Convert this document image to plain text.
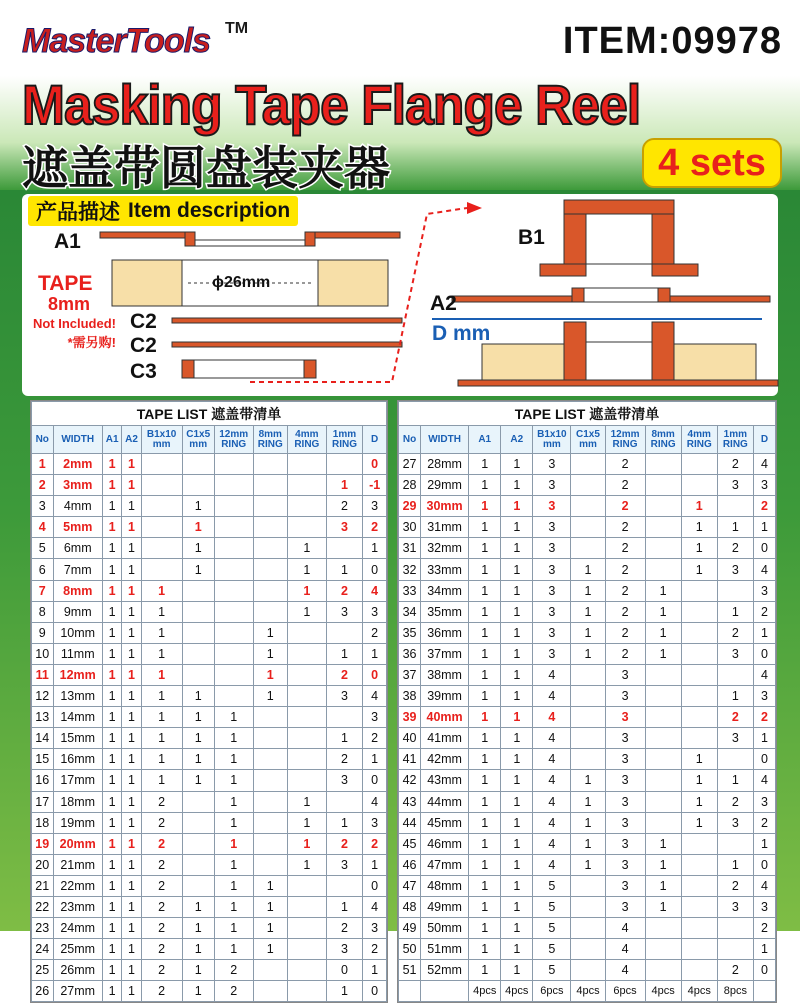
MasterTools TM	ITEM:09978
Masking Tape Flange Reel
遮盖带圆盘装夹器	4 sets
A1
TAPE
8mm
Not Included!
*需另购!
C2
C2
C3
ϕ26mm
B1
A2
D mm
产品描述 Item description
TAPE LIST 遮盖带清单										
No	WIDTH	A1	A2	B1x10 mm	C1x5 mm	12mm RING	8mm RING	4mm RING	1mm RING	D
1	2mm	1	1							0
2	3mm	1	1						1	-1
3	4mm	1	1		1				2	3
4	5mm	1	1		1				3	2
5	6mm	1	1		1			1		1
6	7mm	1	1		1			1	1	0
7	8mm	1	1	1				1	2	4
8	9mm	1	1	1				1	3	3
9	10mm	1	1	1			1			2
10	11mm	1	1	1			1		1	1
11	12mm	1	1	1			1		2	0
12	13mm	1	1	1	1		1		3	4
13	14mm	1	1	1	1	1				3
14	15mm	1	1	1	1	1			1	2
15	16mm	1	1	1	1	1			2	1
16	17mm	1	1	1	1	1			3	0
17	18mm	1	1	2		1		1		4
18	19mm	1	1	2		1		1	1	3
19	20mm	1	1	2		1		1	2	2
20	21mm	1	1	2		1		1	3	1
21	22mm	1	1	2		1	1			0
22	23mm	1	1	2	1	1	1		1	4
23	24mm	1	1	2	1	1	1		2	3
24	25mm	1	1	2	1	1	1		3	2
25	26mm	1	1	2	1	2			0	1
26	27mm	1	1	2	1	2			1	0
TAPE LIST 遮盖带清单										
No	WIDTH	A1	A2	B1x10 mm	C1x5 mm	12mm RING	8mm RING	4mm RING	1mm RING	D
27	28mm	1	1	3		2			2	4
28	29mm	1	1	3		2			3	3
29	30mm	1	1	3		2		1		2
30	31mm	1	1	3		2		1	1	1
31	32mm	1	1	3		2		1	2	0
32	33mm	1	1	3	1	2		1	3	4
33	34mm	1	1	3	1	2	1			3
34	35mm	1	1	3	1	2	1		1	2
35	36mm	1	1	3	1	2	1		2	1
36	37mm	1	1	3	1	2	1		3	0
37	38mm	1	1	4		3				4
38	39mm	1	1	4		3			1	3
39	40mm	1	1	4		3			2	2
40	41mm	1	1	4		3			3	1
41	42mm	1	1	4		3		1		0
42	43mm	1	1	4	1	3		1	1	4
43	44mm	1	1	4	1	3		1	2	3
44	45mm	1	1	4	1	3		1	3	2
45	46mm	1	1	4	1	3	1			1
46	47mm	1	1	4	1	3	1		1	0
47	48mm	1	1	5		3	1		2	4
48	49mm	1	1	5		3	1		3	3
49	50mm	1	1	5		4				2
50	51mm	1	1	5		4				1
51	52mm	1	1	5		4			2	0
		4pcs	4pcs	6pcs	4pcs	6pcs	4pcs	4pcs	8pcs	
